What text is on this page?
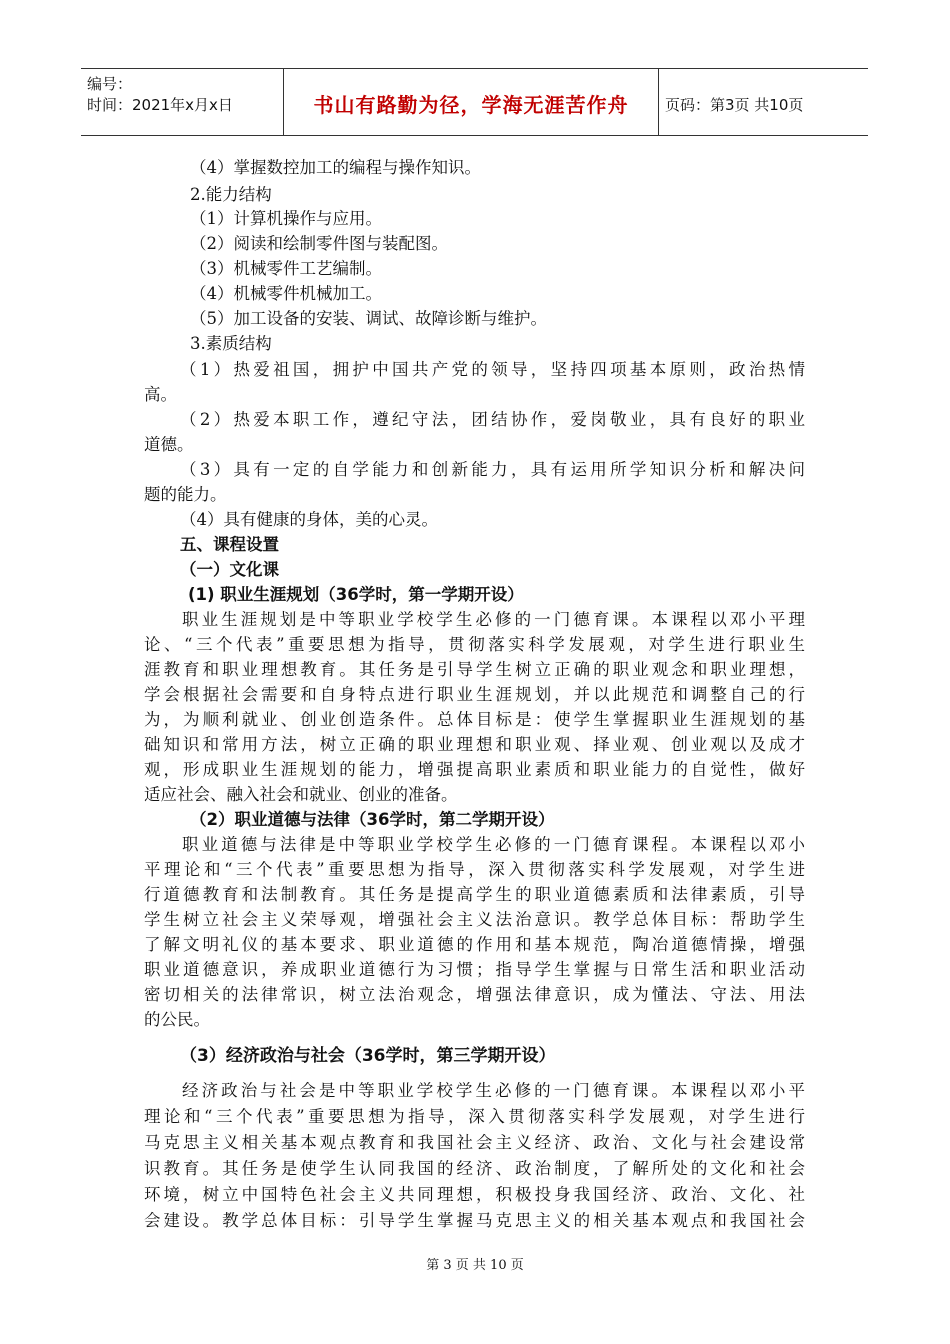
编号：
时间：2021年x月x日	书山有路勤为径，学海无涯苦作舟	页码：第3页 共10页
（4）掌握数控加工的编程与操作知识。
2.能力结构
（1）计算机操作与应用。
（2）阅读和绘制零件图与装配图。
（3）机械零件工艺编制。
（4）机械零件机械加工。
（5）加工设备的安装、调试、故障诊断与维护。
3.素质结构
（1）热爱祖国，拥护中国共产党的领导，坚持四项基本原则，政治热情
高。
（2）热爱本职工作，遵纪守法，团结协作，爱岗敬业，具有良好的职业
道德。
（3）具有一定的自学能力和创新能力，具有运用所学知识分析和解决问
题的能力。
（4）具有健康的身体，美的心灵。
五、课程设置
（一）文化课
(1) 职业生涯规划（36学时，第一学期开设）
职业生涯规划是中等职业学校学生必修的一门德育课。本课程以邓小平理
论、“三个代表”重要思想为指导，贯彻落实科学发展观，对学生进行职业生
涯教育和职业理想教育。其任务是引导学生树立正确的职业观念和职业理想，
学会根据社会需要和自身特点进行职业生涯规划，并以此规范和调整自己的行
为，为顺利就业、创业创造条件。总体目标是：使学生掌握职业生涯规划的基
础知识和常用方法，树立正确的职业理想和职业观、择业观、创业观以及成才
观，形成职业生涯规划的能力，增强提高职业素质和职业能力的自觉性，做好
适应社会、融入社会和就业、创业的准备。
（2）职业道德与法律（36学时，第二学期开设）
职业道德与法律是中等职业学校学生必修的一门德育课程。本课程以邓小
平理论和“三个代表”重要思想为指导，深入贯彻落实科学发展观，对学生进
行道德教育和法制教育。其任务是提高学生的职业道德素质和法律素质，引导
学生树立社会主义荣辱观，增强社会主义法治意识。教学总体目标：帮助学生
了解文明礼仪的基本要求、职业道德的作用和基本规范，陶冶道德情操，增强
职业道德意识，养成职业道德行为习惯；指导学生掌握与日常生活和职业活动
密切相关的法律常识，树立法治观念，增强法律意识，成为懂法、守法、用法
的公民。
（3）经济政治与社会（36学时，第三学期开设）
经济政治与社会是中等职业学校学生必修的一门德育课。本课程以邓小平
理论和“三个代表”重要思想为指导，深入贯彻落实科学发展观，对学生进行
马克思主义相关基本观点教育和我国社会主义经济、政治、文化与社会建设常
识教育。其任务是使学生认同我国的经济、政治制度，了解所处的文化和社会
环境，树立中国特色社会主义共同理想，积极投身我国经济、政治、文化、社
会建设。教学总体目标：引导学生掌握马克思主义的相关基本观点和我国社会
第 3 页 共 10 页
